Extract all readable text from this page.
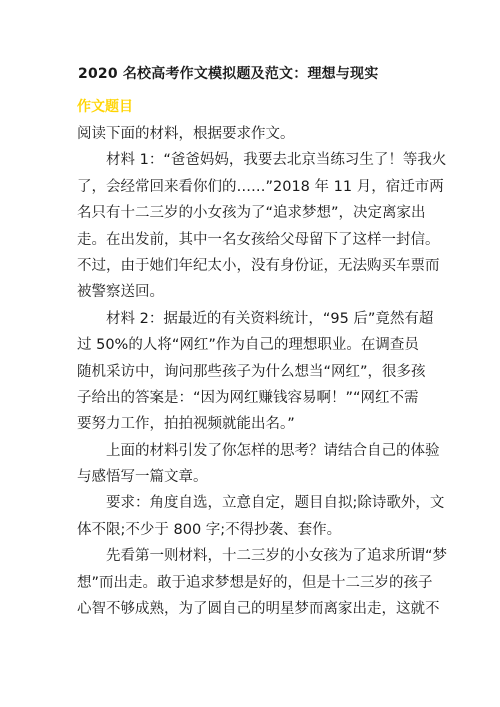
2020 名校高考作文模拟题及范文：理想与现实
作文题目
阅读下面的材料，根据要求作文。
材料 1：“爸爸妈妈，我要去北京当练习生了！等我火
了，会经常回来看你们的……”2018 年 11 月，宿迁市两
名只有十二三岁的小女孩为了“追求梦想”，决定离家出
走。在出发前，其中一名女孩给父母留下了这样一封信。
不过，由于她们年纪太小，没有身份证，无法购买车票而
被警察送回。
材料 2：据最近的有关资料统计，“95 后”竟然有超
过 50%的人将“网红”作为自己的理想职业。在调查员
随机采访中，询问那些孩子为什么想当“网红”，很多孩
子给出的答案是：“因为网红赚钱容易啊！”“网红不需
要努力工作，拍拍视频就能出名。”
上面的材料引发了你怎样的思考？请结合自己的体验
与感悟写一篇文章。
要求：角度自选，立意自定，题目自拟;除诗歌外，文
体不限;不少于 800 字;不得抄袭、套作。
先看第一则材料，十二三岁的小女孩为了追求所谓“梦
想”而出走。敢于追求梦想是好的，但是十二三岁的孩子
心智不够成熟，为了圆自己的明星梦而离家出走，这就不
